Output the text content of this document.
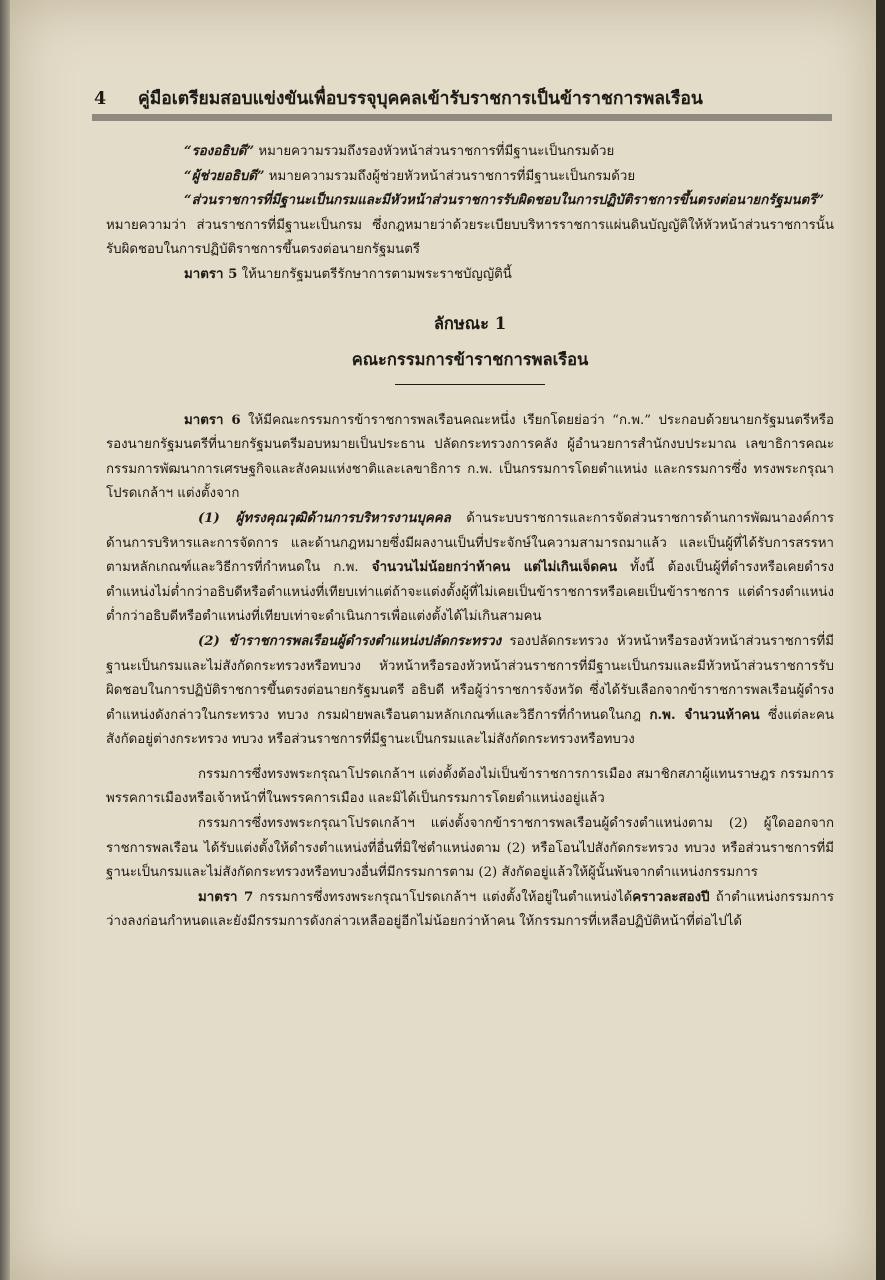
4 คู่มือเตรียมสอบแข่งขันเพื่อบรรจุบุคคลเข้ารับราชการเป็นข้าราชการพลเรือน

“รองอธิบดี” หมายความรวมถึงรองหัวหน้าส่วนราชการที่มีฐานะเป็นกรมด้วย

“ผู้ช่วยอธิบดี” หมายความรวมถึงผู้ช่วยหัวหน้าส่วนราชการที่มีฐานะเป็นกรมด้วย

“ส่วนราชการที่มีฐานะเป็นกรมและมีหัวหน้าส่วนราชการรับผิดชอบในการปฏิบัติราชการขึ้นตรงต่อนายกรัฐมนตรี” หมายความว่า ส่วนราชการที่มีฐานะเป็นกรม ซึ่งกฎหมายว่าด้วยระเบียบบริหารราชการแผ่นดินบัญญัติให้หัวหน้าส่วนราชการนั้นรับผิดชอบในการปฏิบัติราชการขึ้นตรงต่อนายกรัฐมนตรี

มาตรา 5 ให้นายกรัฐมนตรีรักษาการตามพระราชบัญญัตินี้

ลักษณะ 1
คณะกรรมการข้าราชการพลเรือน

มาตรา 6 ให้มีคณะกรรมการข้าราชการพลเรือนคณะหนึ่ง เรียกโดยย่อว่า “ก.พ.” ประกอบด้วยนายกรัฐมนตรีหรือรองนายกรัฐมนตรีที่นายกรัฐมนตรีมอบหมายเป็นประธาน ปลัดกระทรวงการคลัง ผู้อำนวยการสำนักงบประมาณ เลขาธิการคณะกรรมการพัฒนาการเศรษฐกิจและสังคมแห่งชาติและเลขาธิการ ก.พ. เป็นกรรมการโดยตำแหน่ง และกรรมการซึ่ง ทรงพระกรุณาโปรดเกล้าฯ แต่งตั้งจาก

(1) ผู้ทรงคุณวุฒิด้านการบริหารงานบุคคล ด้านระบบราชการและการจัดส่วนราชการด้านการพัฒนาองค์การ ด้านการบริหารและการจัดการ และด้านกฎหมายซึ่งมีผลงานเป็นที่ประจักษ์ในความสามารถมาแล้ว และเป็นผู้ที่ได้รับการสรรหาตามหลักเกณฑ์และวิธีการที่กำหนดใน ก.พ. จำนวนไม่น้อยกว่าห้าคน แต่ไม่เกินเจ็ดคน ทั้งนี้ ต้องเป็นผู้ที่ดำรงหรือเคยดำรงตำแหน่งไม่ต่ำกว่าอธิบดีหรือตำแหน่งที่เทียบเท่าแต่ถ้าจะแต่งตั้งผู้ที่ไม่เคยเป็นข้าราชการหรือเคยเป็นข้าราชการ แต่ดำรงตำแหน่งต่ำกว่าอธิบดีหรือตำแหน่งที่เทียบเท่าจะดำเนินการเพื่อแต่งตั้งได้ไม่เกินสามคน

(2) ข้าราชการพลเรือนผู้ดำรงตำแหน่งปลัดกระทรวง รองปลัดกระทรวง หัวหน้าหรือรองหัวหน้าส่วนราชการที่มีฐานะเป็นกรมและไม่สังกัดกระทรวงหรือทบวง หัวหน้าหรือรองหัวหน้าส่วนราชการที่มีฐานะเป็นกรมและมีหัวหน้าส่วนราชการรับผิดชอบในการปฏิบัติราชการขึ้นตรงต่อนายกรัฐมนตรี อธิบดี หรือผู้ว่าราชการจังหวัด ซึ่งได้รับเลือกจากข้าราชการพลเรือนผู้ดำรงตำแหน่งดังกล่าวในกระทรวง ทบวง กรมฝ่ายพลเรือนตามหลักเกณฑ์และวิธีการที่กำหนดในกฎ ก.พ. จำนวนห้าคน ซึ่งแต่ละคนสังกัดอยู่ต่างกระทรวง ทบวง หรือส่วนราชการที่มีฐานะเป็นกรมและไม่สังกัดกระทรวงหรือทบวง

กรรมการซึ่งทรงพระกรุณาโปรดเกล้าฯ แต่งตั้งต้องไม่เป็นข้าราชการการเมือง สมาชิกสภาผู้แทนราษฎร กรรมการพรรคการเมืองหรือเจ้าหน้าที่ในพรรคการเมือง และมิได้เป็นกรรมการโดยตำแหน่งอยู่แล้ว

กรรมการซึ่งทรงพระกรุณาโปรดเกล้าฯ แต่งตั้งจากข้าราชการพลเรือนผู้ดำรงตำแหน่งตาม (2) ผู้ใดออกจากราชการพลเรือน ได้รับแต่งตั้งให้ดำรงตำแหน่งที่อื่นที่มิใช่ตำแหน่งตาม (2) หรือโอนไปสังกัดกระทรวง ทบวง หรือส่วนราชการที่มีฐานะเป็นกรมและไม่สังกัดกระทรวงหรือทบวงอื่นที่มีกรรมการตาม (2) สังกัดอยู่แล้วให้ผู้นั้นพ้นจากตำแหน่งกรรมการ

มาตรา 7 กรรมการซึ่งทรงพระกรุณาโปรดเกล้าฯ แต่งตั้งให้อยู่ในตำแหน่งได้คราวละสองปี ถ้าตำแหน่งกรรมการว่างลงก่อนกำหนดและยังมีกรรมการดังกล่าวเหลืออยู่อีกไม่น้อยกว่าห้าคน ให้กรรมการที่เหลือปฏิบัติหน้าที่ต่อไปได้
